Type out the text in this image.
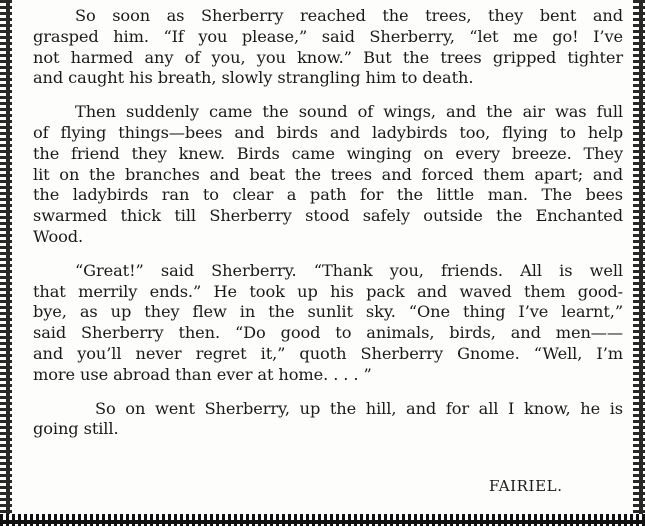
So soon as Sherberry reached the trees, they bent and
grasped him. “If you please,” said Sherberry, “let me go! I’ve
not harmed any of you, you know.” But the trees gripped tighter
and caught his breath, slowly strangling him to death.

Then suddenly came the sound of wings, and the air was full
of flying things—bees and birds and ladybirds too, flying to help
the friend they knew. Birds came winging on every breeze. They
lit on the branches and beat the trees and forced them apart; and
the ladybirds ran to clear a path for the little man. The bees
swarmed thick till Sherberry stood safely outside the Enchanted
Wood.

“Great!” said Sherberry. “Thank you, friends. All is well
that merrily ends.” He took up his pack and waved them good-
bye, as up they flew in the sunlit sky. “One thing I’ve learnt,”
said Sherberry then. “Do good to animals, birds, and men——
and you’ll never regret it,” quoth Sherberry Gnome. “Well, I’m
more use abroad than ever at home. . . . ”

So on went Sherberry, up the hill, and for all I know, he is
going still.

FAIRIEL.
